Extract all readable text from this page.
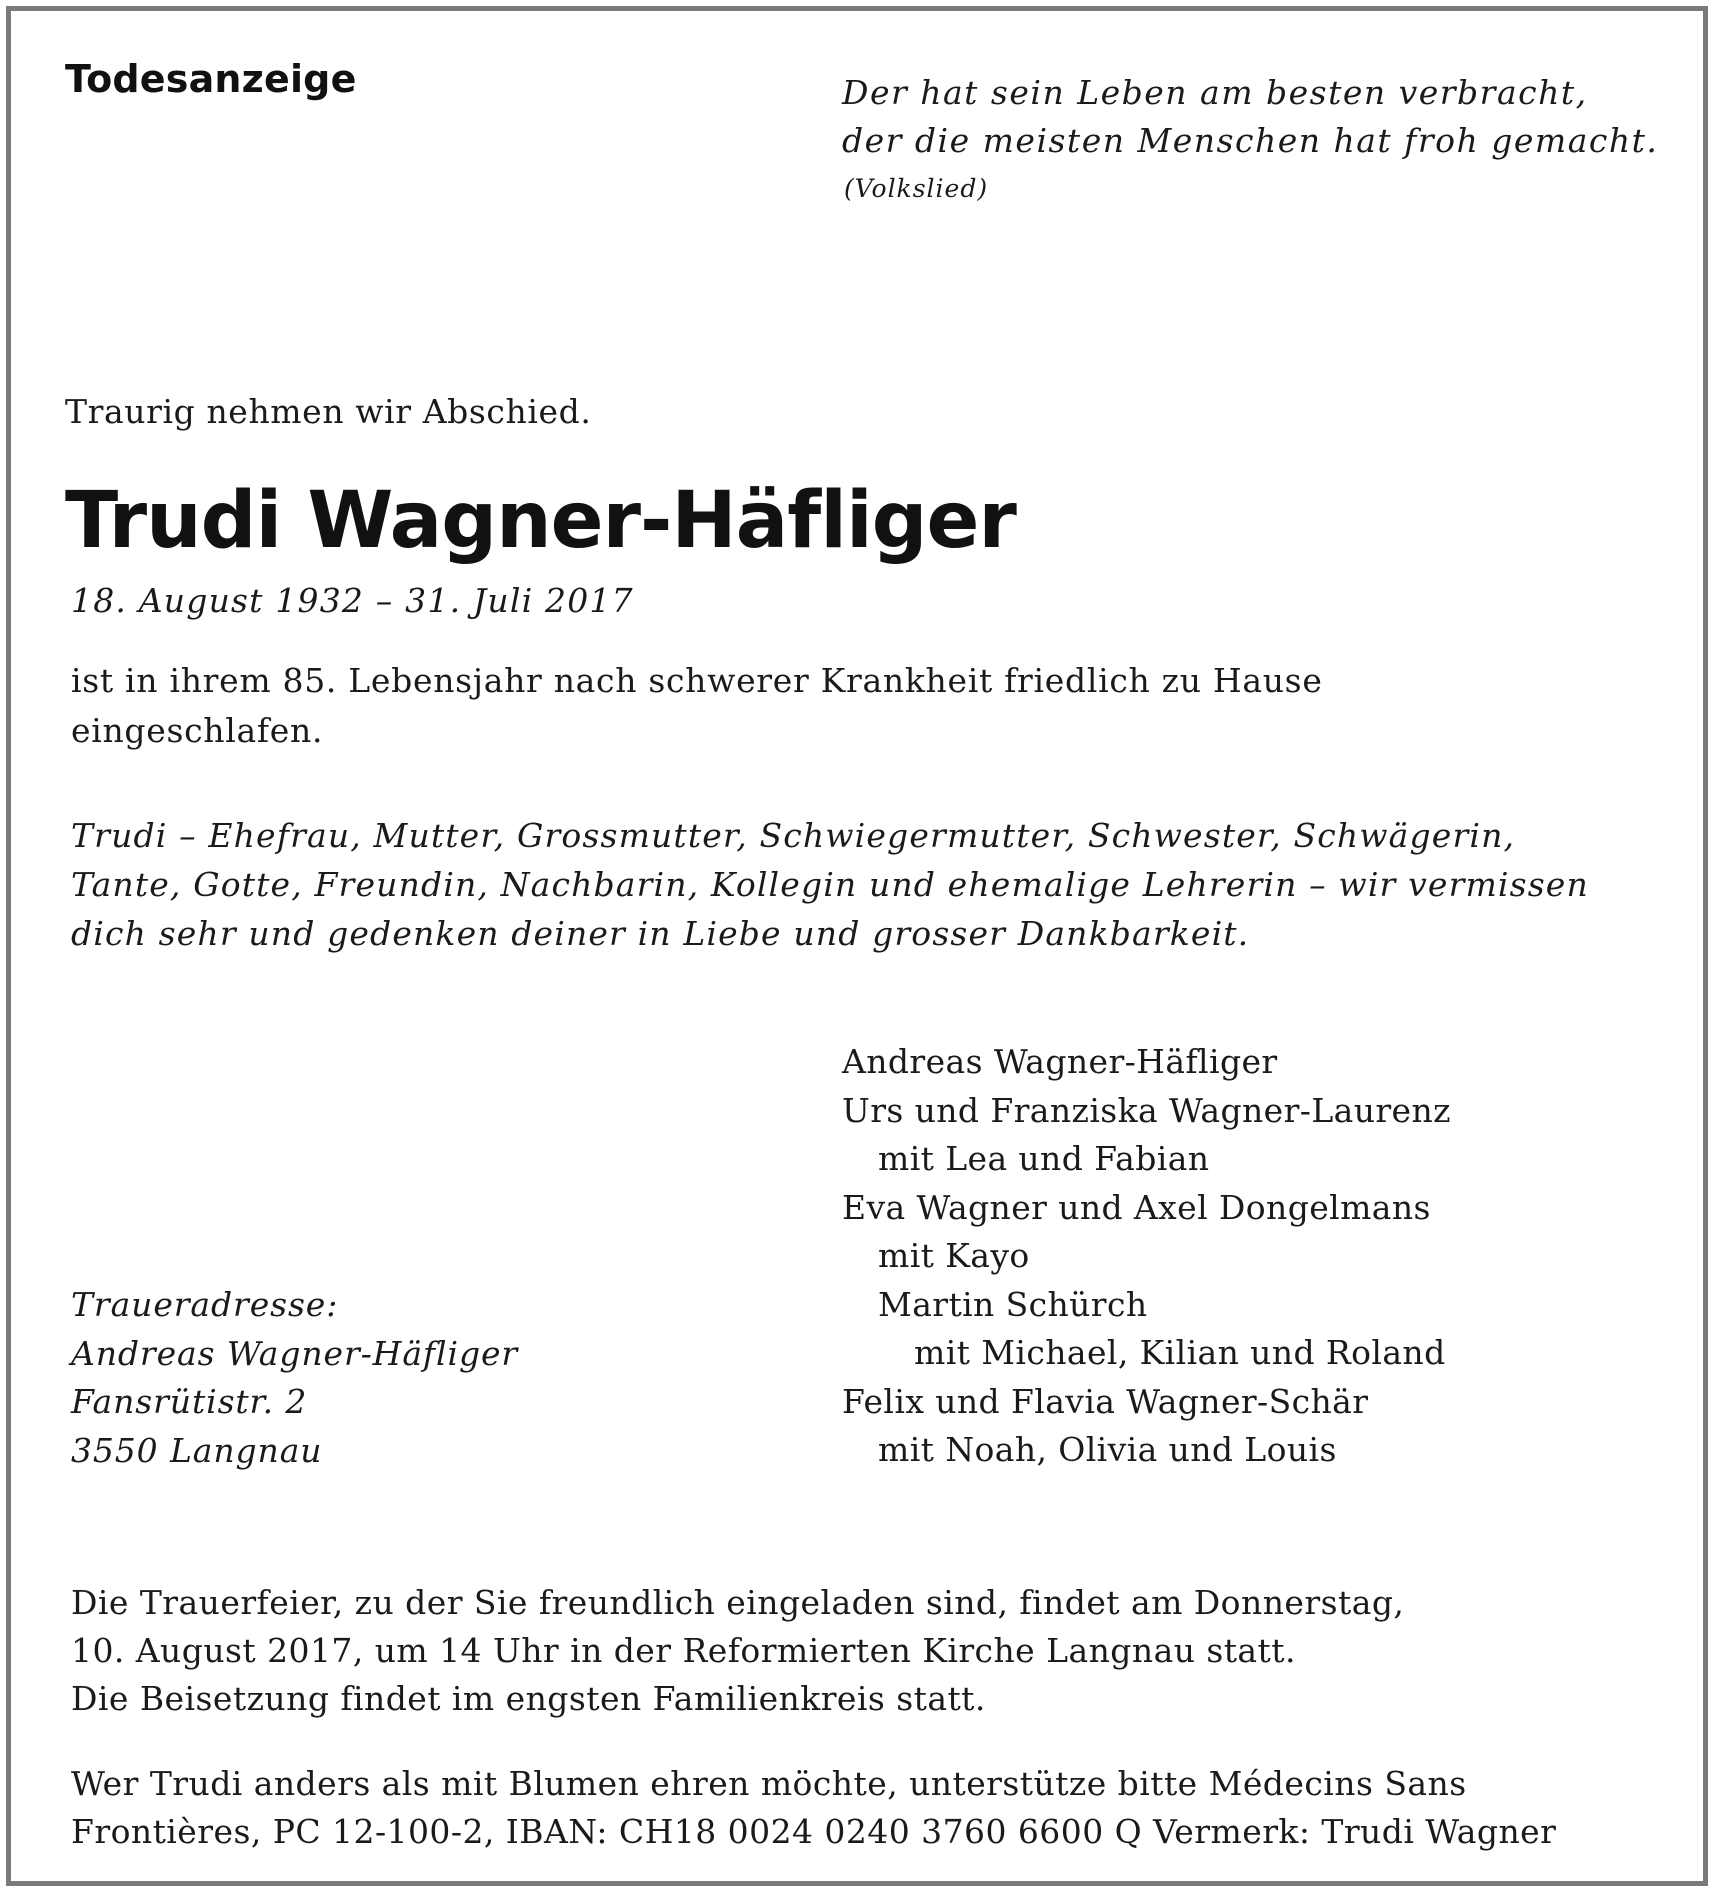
Todesanzeige	Der hat sein Leben am besten verbracht,
der die meisten Menschen hat froh gemacht.
(Volkslied)
Traurig nehmen wir Abschied.
Trudi Wagner-Häfliger
18. August 1932 – 31. Juli 2017
ist in ihrem 85. Lebensjahr nach schwerer Krankheit friedlich zu Hause
eingeschlafen.
Trudi – Ehefrau, Mutter, Grossmutter, Schwiegermutter, Schwester, Schwägerin,
Tante, Gotte, Freundin, Nachbarin, Kollegin und ehemalige Lehrerin – wir vermissen
dich sehr und gedenken deiner in Liebe und grosser Dankbarkeit.
Andreas Wagner-Häfliger
Urs und Franziska Wagner-Laurenz
mit Lea und Fabian
Eva Wagner und Axel Dongelmans
mit Kayo
Martin Schürch
mit Michael, Kilian und Roland
Felix und Flavia Wagner-Schär
mit Noah, Olivia und Louis
Traueradresse:
Andreas Wagner-Häfliger
Fansrütistr. 2
3550 Langnau
Die Trauerfeier, zu der Sie freundlich eingeladen sind, findet am Donnerstag,
10. August 2017, um 14 Uhr in der Reformierten Kirche Langnau statt.
Die Beisetzung findet im engsten Familienkreis statt.
Wer Trudi anders als mit Blumen ehren möchte, unterstütze bitte Médecins Sans
Frontières, PC 12-100-2, IBAN: CH18 0024 0240 3760 6600 Q Vermerk: Trudi Wagner
